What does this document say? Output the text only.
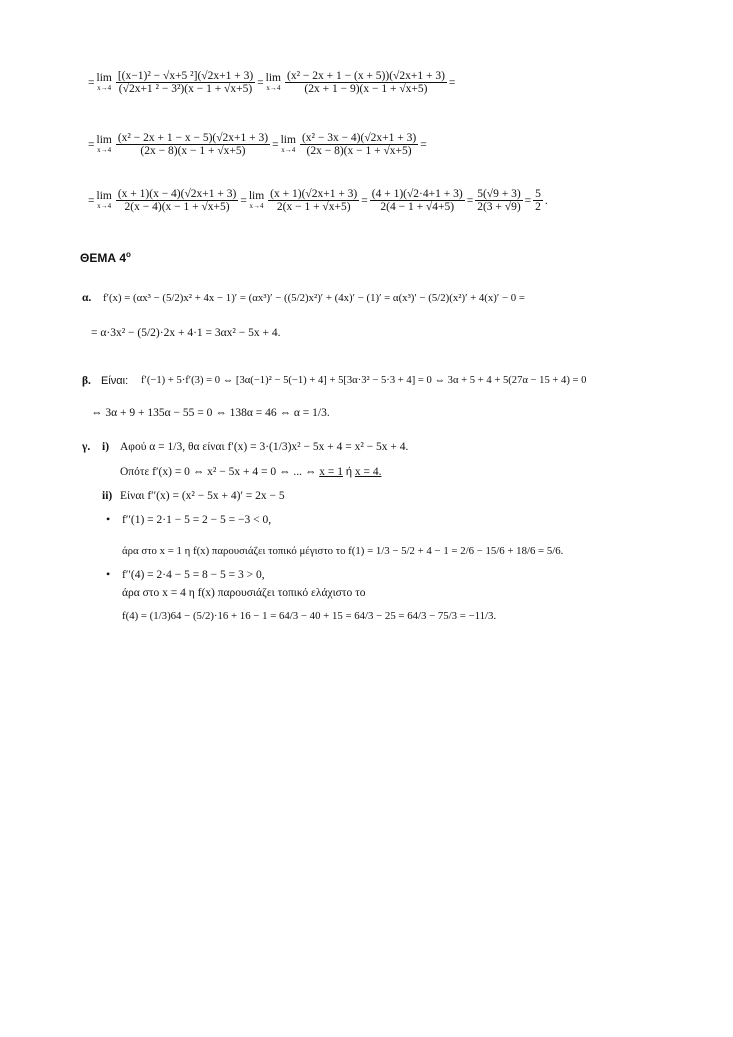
= lim
$x\to 4 \frac{\text{[(x−1)² − √x+5 ²](√2x+1 + 3)}}{\text{(√2x+1 ² − 3²)(x − 1 + √x+5)}} = \lim$
$x\to 4 \frac{\text{(x² − 2x + 1 − (x + 5))(√2x+1 + 3)}}{(2x + 1 - 9)(x - 1 + √x+5)}$ =
= lim
$x\to 4 \frac{\text{(x² − 2x + 1 − x − 5)(√2x+1 + 3)}}{(2x - 8)(x - 1 + √x+5)} = \lim$
$x\to 4 \frac{\text{(x² − 3x − 4)(√2x+1 + 3)}}{(2x - 8)(x - 1 + √x+5)}$ =
= lim
$x\to 4 \frac{(x + 1)(x - 4)(√2x+1 + 3)}{2(x - 4)(x - 1 + √x+5)} = \lim$
$x\to 4 \frac{(x + 1)(√2x+1 + 3)}{2(x - 1 + √x+5)} = \frac{(4 + 1)(√2\cdot 4+1 + 3)}{2(4 - 1 + √4+5)} = \frac{5(√9 + 3)}{2(3 + √9)} = \frac{5}{2}$ .
ΘΕΜΑ $4^o$
α. f′(x) = (αx³ − (5/2)x² + 4x − 1)′ = (αx³)′ − ((5/2)x²)′ + (4x)′ − (1)′ = α(x³)′ − (5/2)(x²)′ + 4(x)′ − 0 =
= α·3x² − (5/2)·2x + 4·1 = 3αx² − 5x + 4.
β. Είναι: f′(−1) + 5·f′(3) = 0 ⇔ [3α(−1)² − 5(−1) + 4] + 5[3α·3² − 5·3 + 4] = 0 ⇔ 3α + 5 + 4 + 5(27α − 15 + 4) = 0
⇔ 3α + 9 + 135α − 55 = 0 ⇔ 138α = 46 ⇔ α = 1/3.
γ. i) Αφού α = 1/3, θα είναι f′(x) = 3·(1/3)x² − 5x + 4 = x² − 5x + 4.
Οπότε f′(x) = 0 ⇔ x² − 5x + 4 = 0 ⇔ ... ⇔
x = 1
ή
x = 4.
ii) Είναι f′′(x) = (x² − 5x + 4)′ = 2x − 5
• f′′(1) = 2·1 − 5 = 2 − 5 = −3 < 0,
άρα στο x = 1 η f(x) παρουσιάζει τοπικό μέγιστο το f(1) = 1/3 − 5/2 + 4 − 1 = 2/6 − 15/6 + 18/6 = 5/6.
• f′′(4) = 2·4 − 5 = 8 − 5 = 3 > 0,
άρα στο x = 4 η f(x) παρουσιάζει τοπικό ελάχιστο το
f(4) = (1/3)64 − (5/2)·16 + 16 − 1 = 64/3 − 40 + 15 = 64/3 − 25 = 64/3 − 75/3 = −11/3.
